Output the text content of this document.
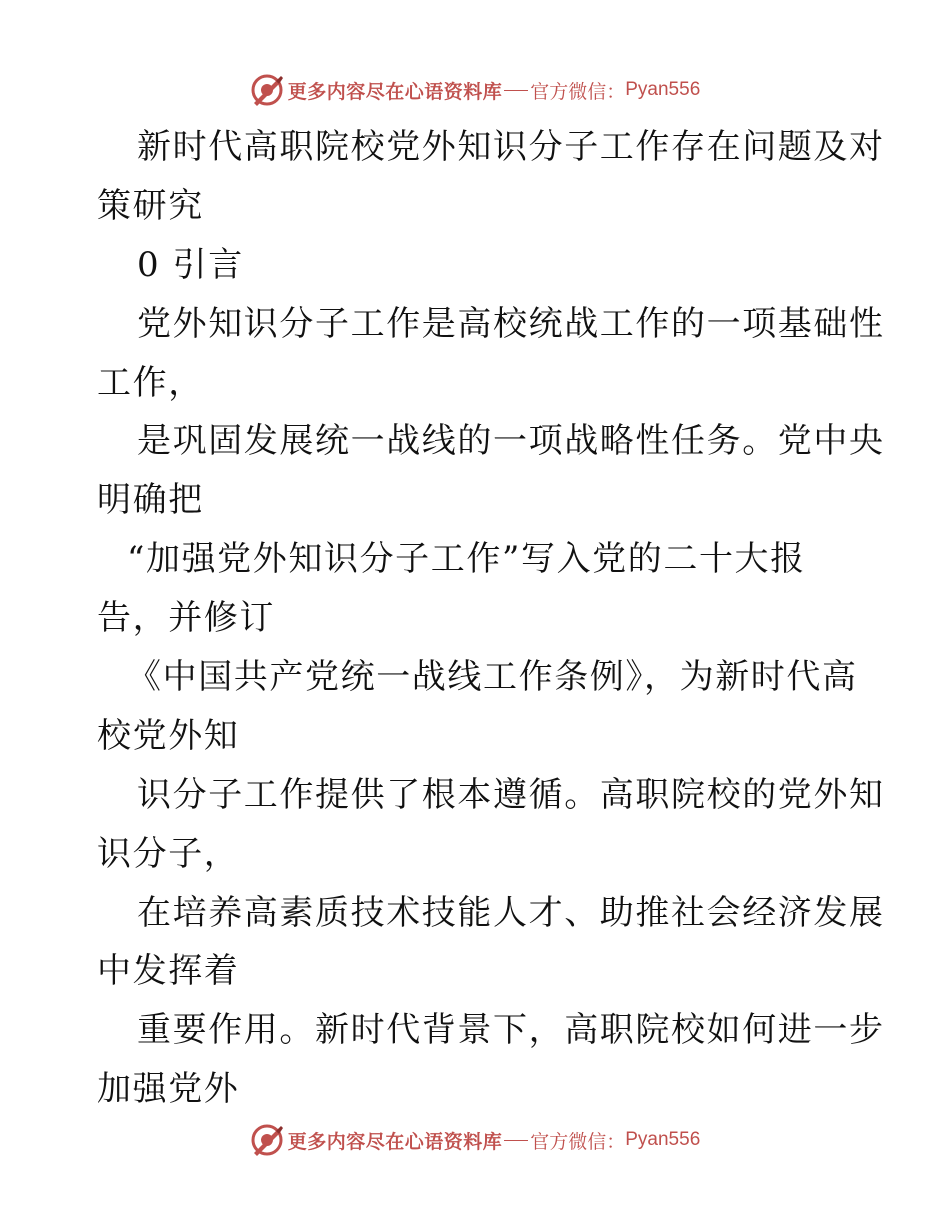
更多内容尽在心语资料库 官方微信： Pyan556
新时代高职院校党外知识分子工作存在问题及对
策研究
0 引言
党外知识分子工作是高校统战工作的一项基础性
工作，
是巩固发展统一战线的一项战略性任务。党中央
明确把
“加强党外知识分子工作”写入党的二十大报
告，并修订
《中国共产党统一战线工作条例》，为新时代高
校党外知
识分子工作提供了根本遵循。高职院校的党外知
识分子，
在培养高素质技术技能人才、助推社会经济发展
中发挥着
重要作用。新时代背景下，高职院校如何进一步
加强党外
更多内容尽在心语资料库 官方微信： Pyan556
